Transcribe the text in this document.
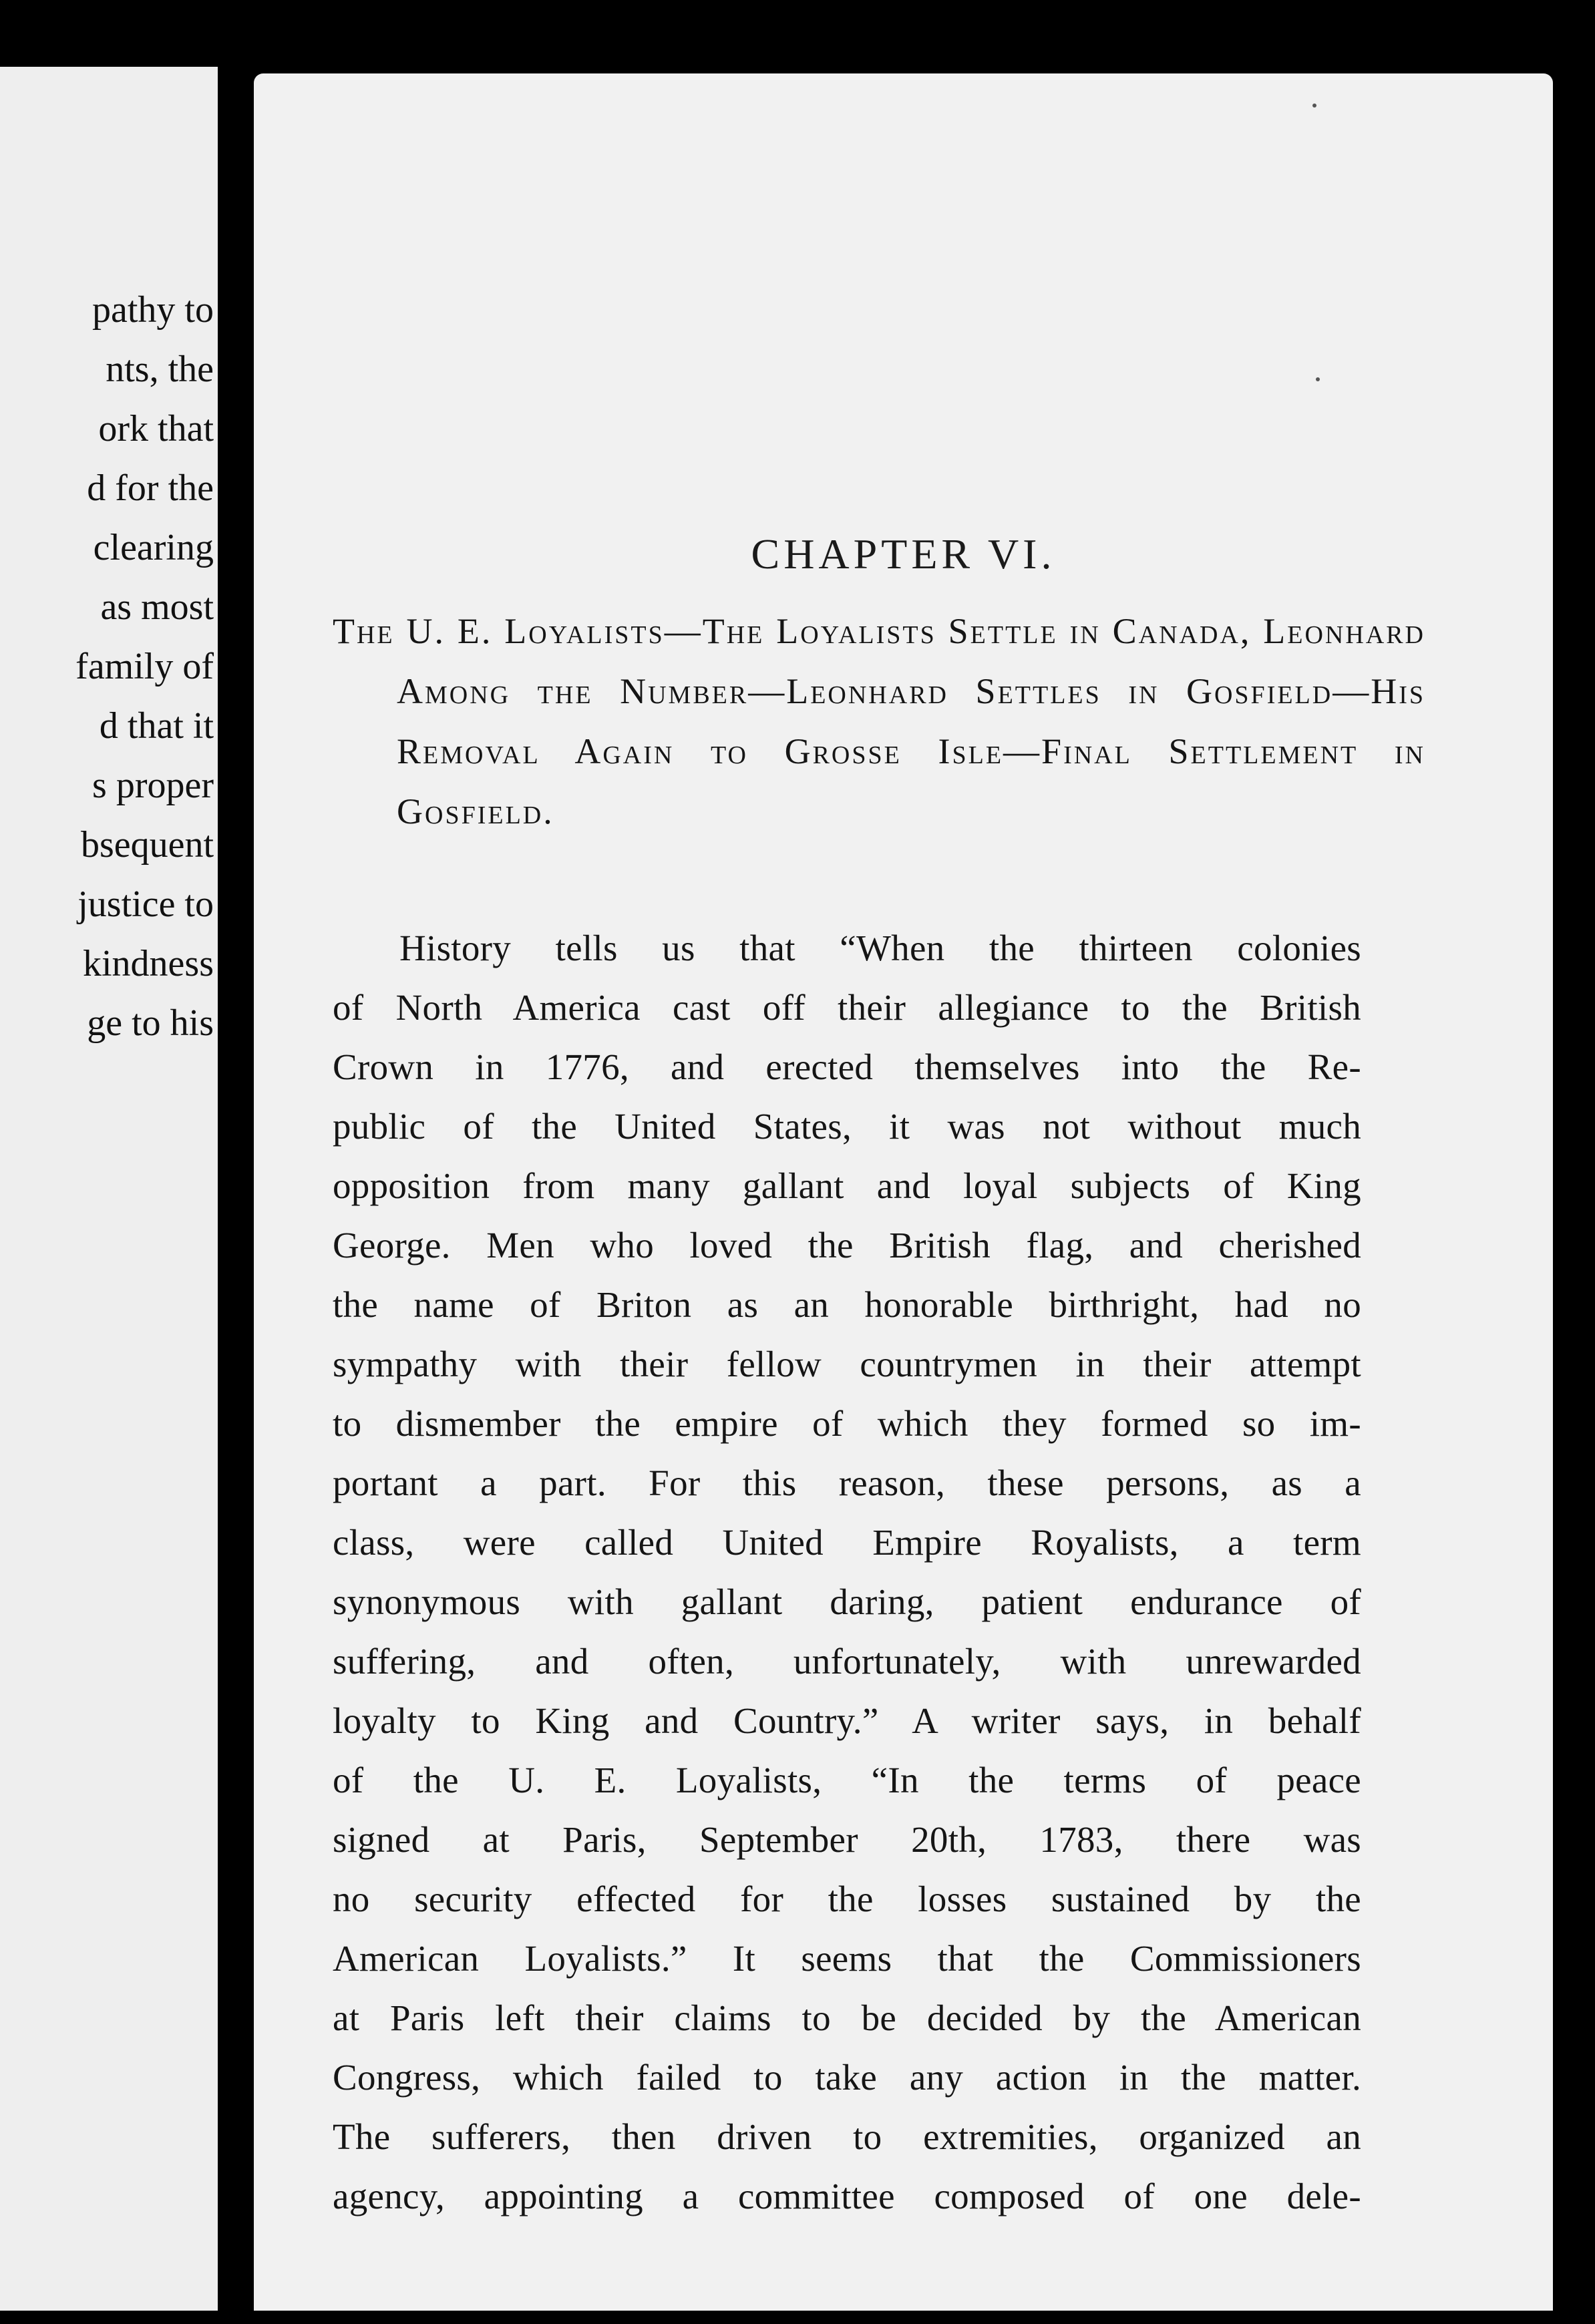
pathy to
nts, the
ork that
d for the
clearing
as most
family of
d that it
s proper
bsequent
justice to
kindness
ge to his
CHAPTER VI.

The U. E. Loyalists—The Loyalists Settle in Canada, Leonhard Among the Number—Leonhard Settles in Gosfield—His Removal Again to Grosse Isle—Final Settlement in Gosfield.

History tells us that “When the thirteen colonies
of North America cast off their allegiance to the British
Crown in 1776, and erected themselves into the Re-
public of the United States, it was not without much
opposition from many gallant and loyal subjects of King
George. Men who loved the British flag, and cherished
the name of Briton as an honorable birthright, had no
sympathy with their fellow countrymen in their attempt
to dismember the empire of which they formed so im-
portant a part. For this reason, these persons, as a
class, were called United Empire Royalists, a term
synonymous with gallant daring, patient endurance of
suffering, and often, unfortunately, with unrewarded
loyalty to King and Country.” A writer says, in behalf
of the U. E. Loyalists, “In the terms of peace
signed at Paris, September 20th, 1783, there was
no security effected for the losses sustained by the
American Loyalists.” It seems that the Commissioners
at Paris left their claims to be decided by the American
Congress, which failed to take any action in the matter.
The sufferers, then driven to extremities, organized an
agency, appointing a committee composed of one dele-
